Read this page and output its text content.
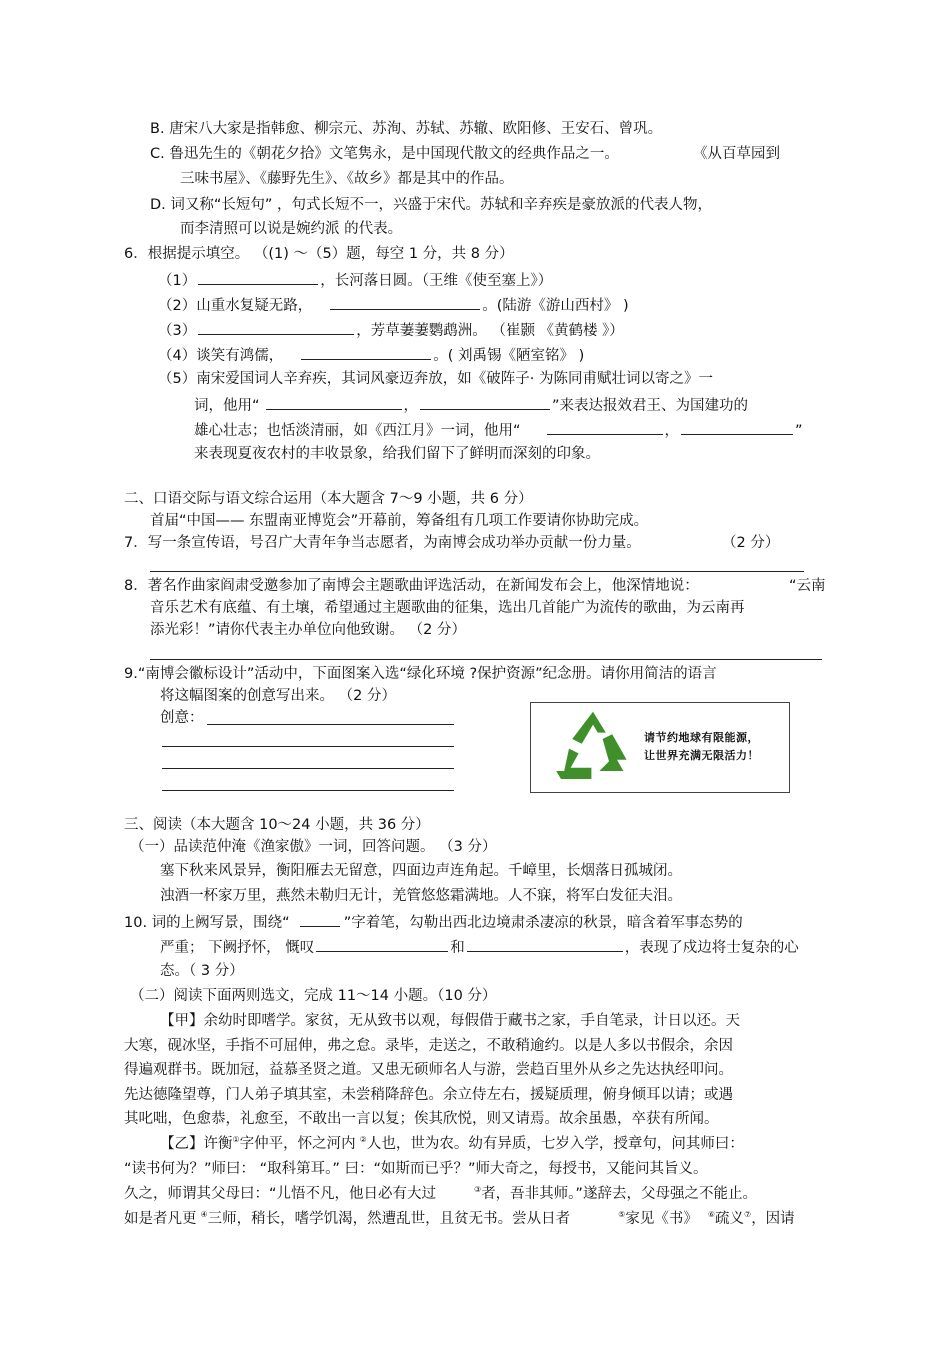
B. 唐宋八大家是指韩愈、柳宗元、苏洵、苏轼、苏辙、欧阳修、王安石、曾巩。
C. 鲁迅先生的《朝花夕拾》文笔隽永，是中国现代散文的经典作品之一。	《从百草园到
三味书屋》、《藤野先生》、《故乡》都是其中的作品。
D. 词又称“长短句” ，句式长短不一，兴盛于宋代。苏轼和辛弃疾是豪放派的代表人物，
而李清照可以说是婉约派 的代表。
6．根据提示填空。 （(1) ～（5）题，每空 1 分，共 8 分）
（1）	，长河落日圆。（王维《使至塞上》）
（2）山重水复疑无路，	。(陆游《游山西村》 )
（3）	，芳草萋萋鹦鹉洲。 （崔颢 《黄鹤楼 》）
（4）谈笑有鸿儒，	。( 刘禹锡《陋室铭》 )
（5）南宋爱国词人辛弃疾，其词风豪迈奔放，如《破阵子· 为陈同甫赋壮词以寄之》一
词，他用“	，	”来表达报效君王、为国建功的
雄心壮志；也恬淡清丽，如《西江月》一词，他用“	，	”
来表现夏夜农村的丰收景象，给我们留下了鲜明而深刻的印象。
二、口语交际与语文综合运用（本大题含 7～9 小题，共 6 分）
首届“中国—— 东盟南亚博览会”开幕前，筹备组有几项工作要请你协助完成。
7．写一条宣传语，号召广大青年争当志愿者，为南博会成功举办贡献一份力量。	（2 分）
8．著名作曲家阎肃受邀参加了南博会主题歌曲评选活动，在新闻发布会上，他深情地说：	“云南
音乐艺术有底蕴、有土壤，希望通过主题歌曲的征集，选出几首能广为流传的歌曲，为云南再
添光彩！”请你代表主办单位向他致谢。 （2 分）
9.“南博会徽标设计”活动中，下面图案入选“绿化环境 ?保护资源”纪念册。请你用简洁的语言
将这幅图案的创意写出来。 （2 分）
创意：
请节约地球有限能源，
让世界充满无限活力！
三、阅读（本大题含 10～24 小题，共 36 分）
（一）品读范仲淹《渔家傲》一词，回答问题。 （3 分）
塞下秋来风景异，衡阳雁去无留意，四面边声连角起。千嶂里，长烟落日孤城闭。
浊酒一杯家万里，燕然未勒归无计，羌管悠悠霜满地。人不寐，将军白发征夫泪。
10. 词的上阙写景，围绕“	”字着笔，勾勒出西北边境肃杀凄凉的秋景，暗含着军事态势的
严重； 下阙抒怀， 慨叹	和	，表现了戍边将士复杂的心
态。（ 3 分）
（二）阅读下面两则选文，完成 11～14 小题。（10 分）
【甲】余幼时即嗜学。家贫，无从致书以观，每假借于藏书之家，手自笔录，计日以还。天
大寒，砚冰坚，手指不可屈伸，弗之怠。录毕，走送之，不敢稍逾约。以是人多以书假余，余因
得遍观群书。既加冠，益慕圣贤之道。又患无硕师名人与游，尝趋百里外从乡之先达执经叩问。
先达德隆望尊，门人弟子填其室，未尝稍降辞色。余立侍左右，援疑质理，俯身倾耳以请；或遇
其叱咄，色愈恭，礼愈至，不敢出一言以复；俟其欣悦，则又请焉。故余虽愚，卒获有所闻。
【乙】许衡①字仲平，怀之河内 ②人也，世为农。幼有异质，七岁入学，授章句，问其师曰：
“读书何为？”师曰： “取科第耳。” 曰：“如斯而已乎？”师大奇之，每授书，又能问其旨义。
久之，师谓其父母曰：“儿悟不凡，他日必有大过	③者，吾非其师。”遂辞去，父母强之不能止。
如是者凡更 ④三师，稍长，嗜学饥渴，然遭乱世，且贫无书。尝从日者	⑤家见《书》 ⑥疏义⑦，因请
